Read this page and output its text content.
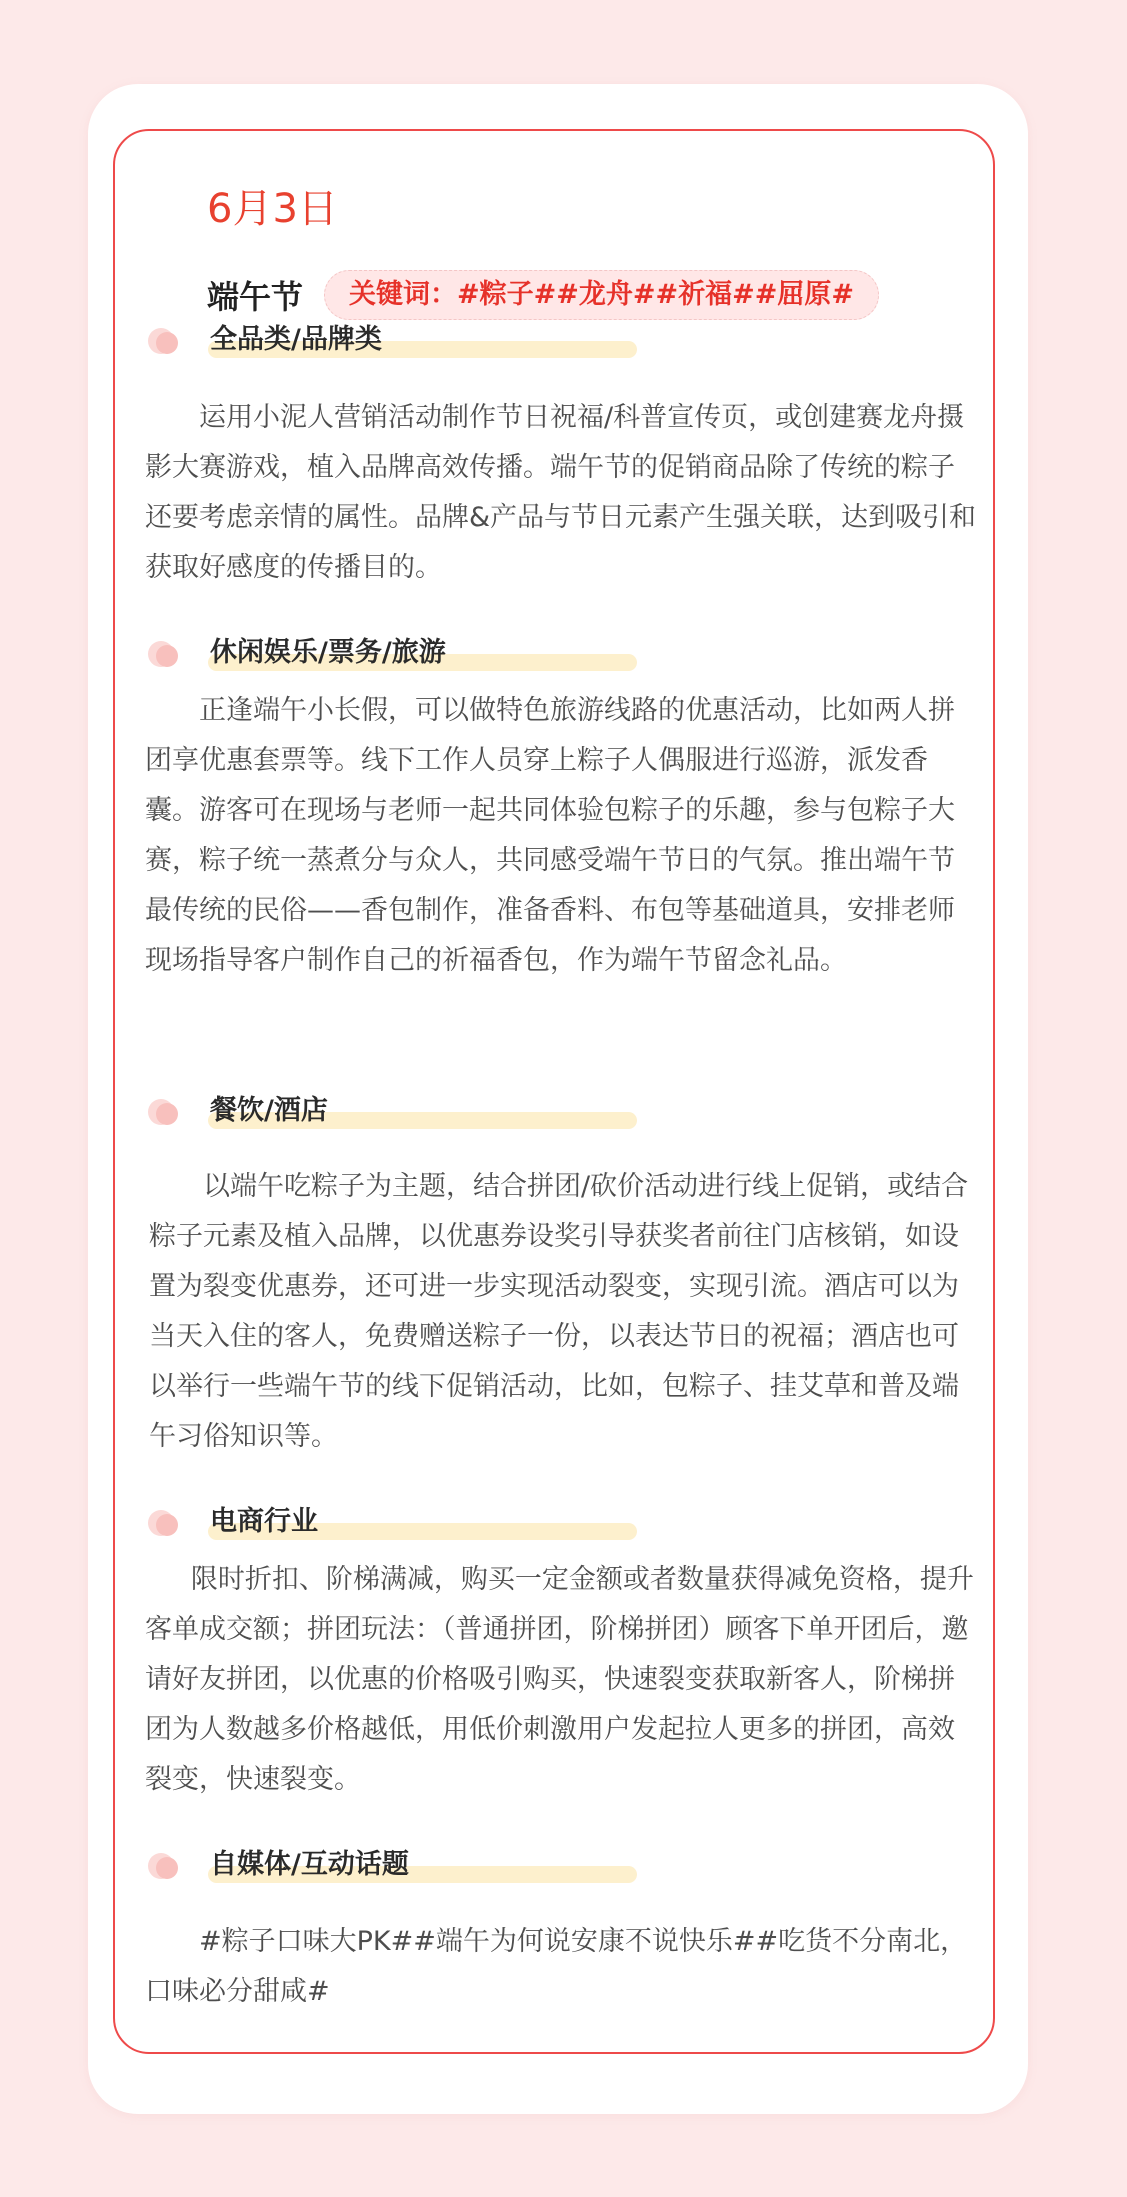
6月3日
端午节	关键词：#粽子##龙舟##祈福##屈原#
全品类/品牌类

运用小泥人营销活动制作节日祝福/科普宣传页，或创建赛龙舟摄影大赛游戏，植入品牌高效传播。端午节的促销商品除了传统的粽子还要考虑亲情的属性。品牌&产品与节日元素产生强关联，达到吸引和获取好感度的传播目的。

休闲娱乐/票务/旅游

正逢端午小长假，可以做特色旅游线路的优惠活动，比如两人拼团享优惠套票等。线下工作人员穿上粽子人偶服进行巡游，派发香囊。游客可在现场与老师一起共同体验包粽子的乐趣，参与包粽子大赛，粽子统一蒸煮分与众人，共同感受端午节日的气氛。推出端午节最传统的民俗——香包制作，准备香料、布包等基础道具，安排老师现场指导客户制作自己的祈福香包，作为端午节留念礼品。

餐饮/酒店

以端午吃粽子为主题，结合拼团/砍价活动进行线上促销，或结合粽子元素及植入品牌，以优惠券设奖引导获奖者前往门店核销，如设置为裂变优惠券，还可进一步实现活动裂变，实现引流。酒店可以为当天入住的客人，免费赠送粽子一份，以表达节日的祝福；酒店也可以举行一些端午节的线下促销活动，比如，包粽子、挂艾草和普及端午习俗知识等。

电商行业

限时折扣、阶梯满减，购买一定金额或者数量获得减免资格，提升客单成交额；拼团玩法：（普通拼团，阶梯拼团）顾客下单开团后，邀请好友拼团，以优惠的价格吸引购买，快速裂变获取新客人，阶梯拼团为人数越多价格越低，用低价刺激用户发起拉人更多的拼团，高效裂变，快速裂变。

自媒体/互动话题

#粽子口味大PK##端午为何说安康不说快乐##吃货不分南北，口味必分甜咸#
